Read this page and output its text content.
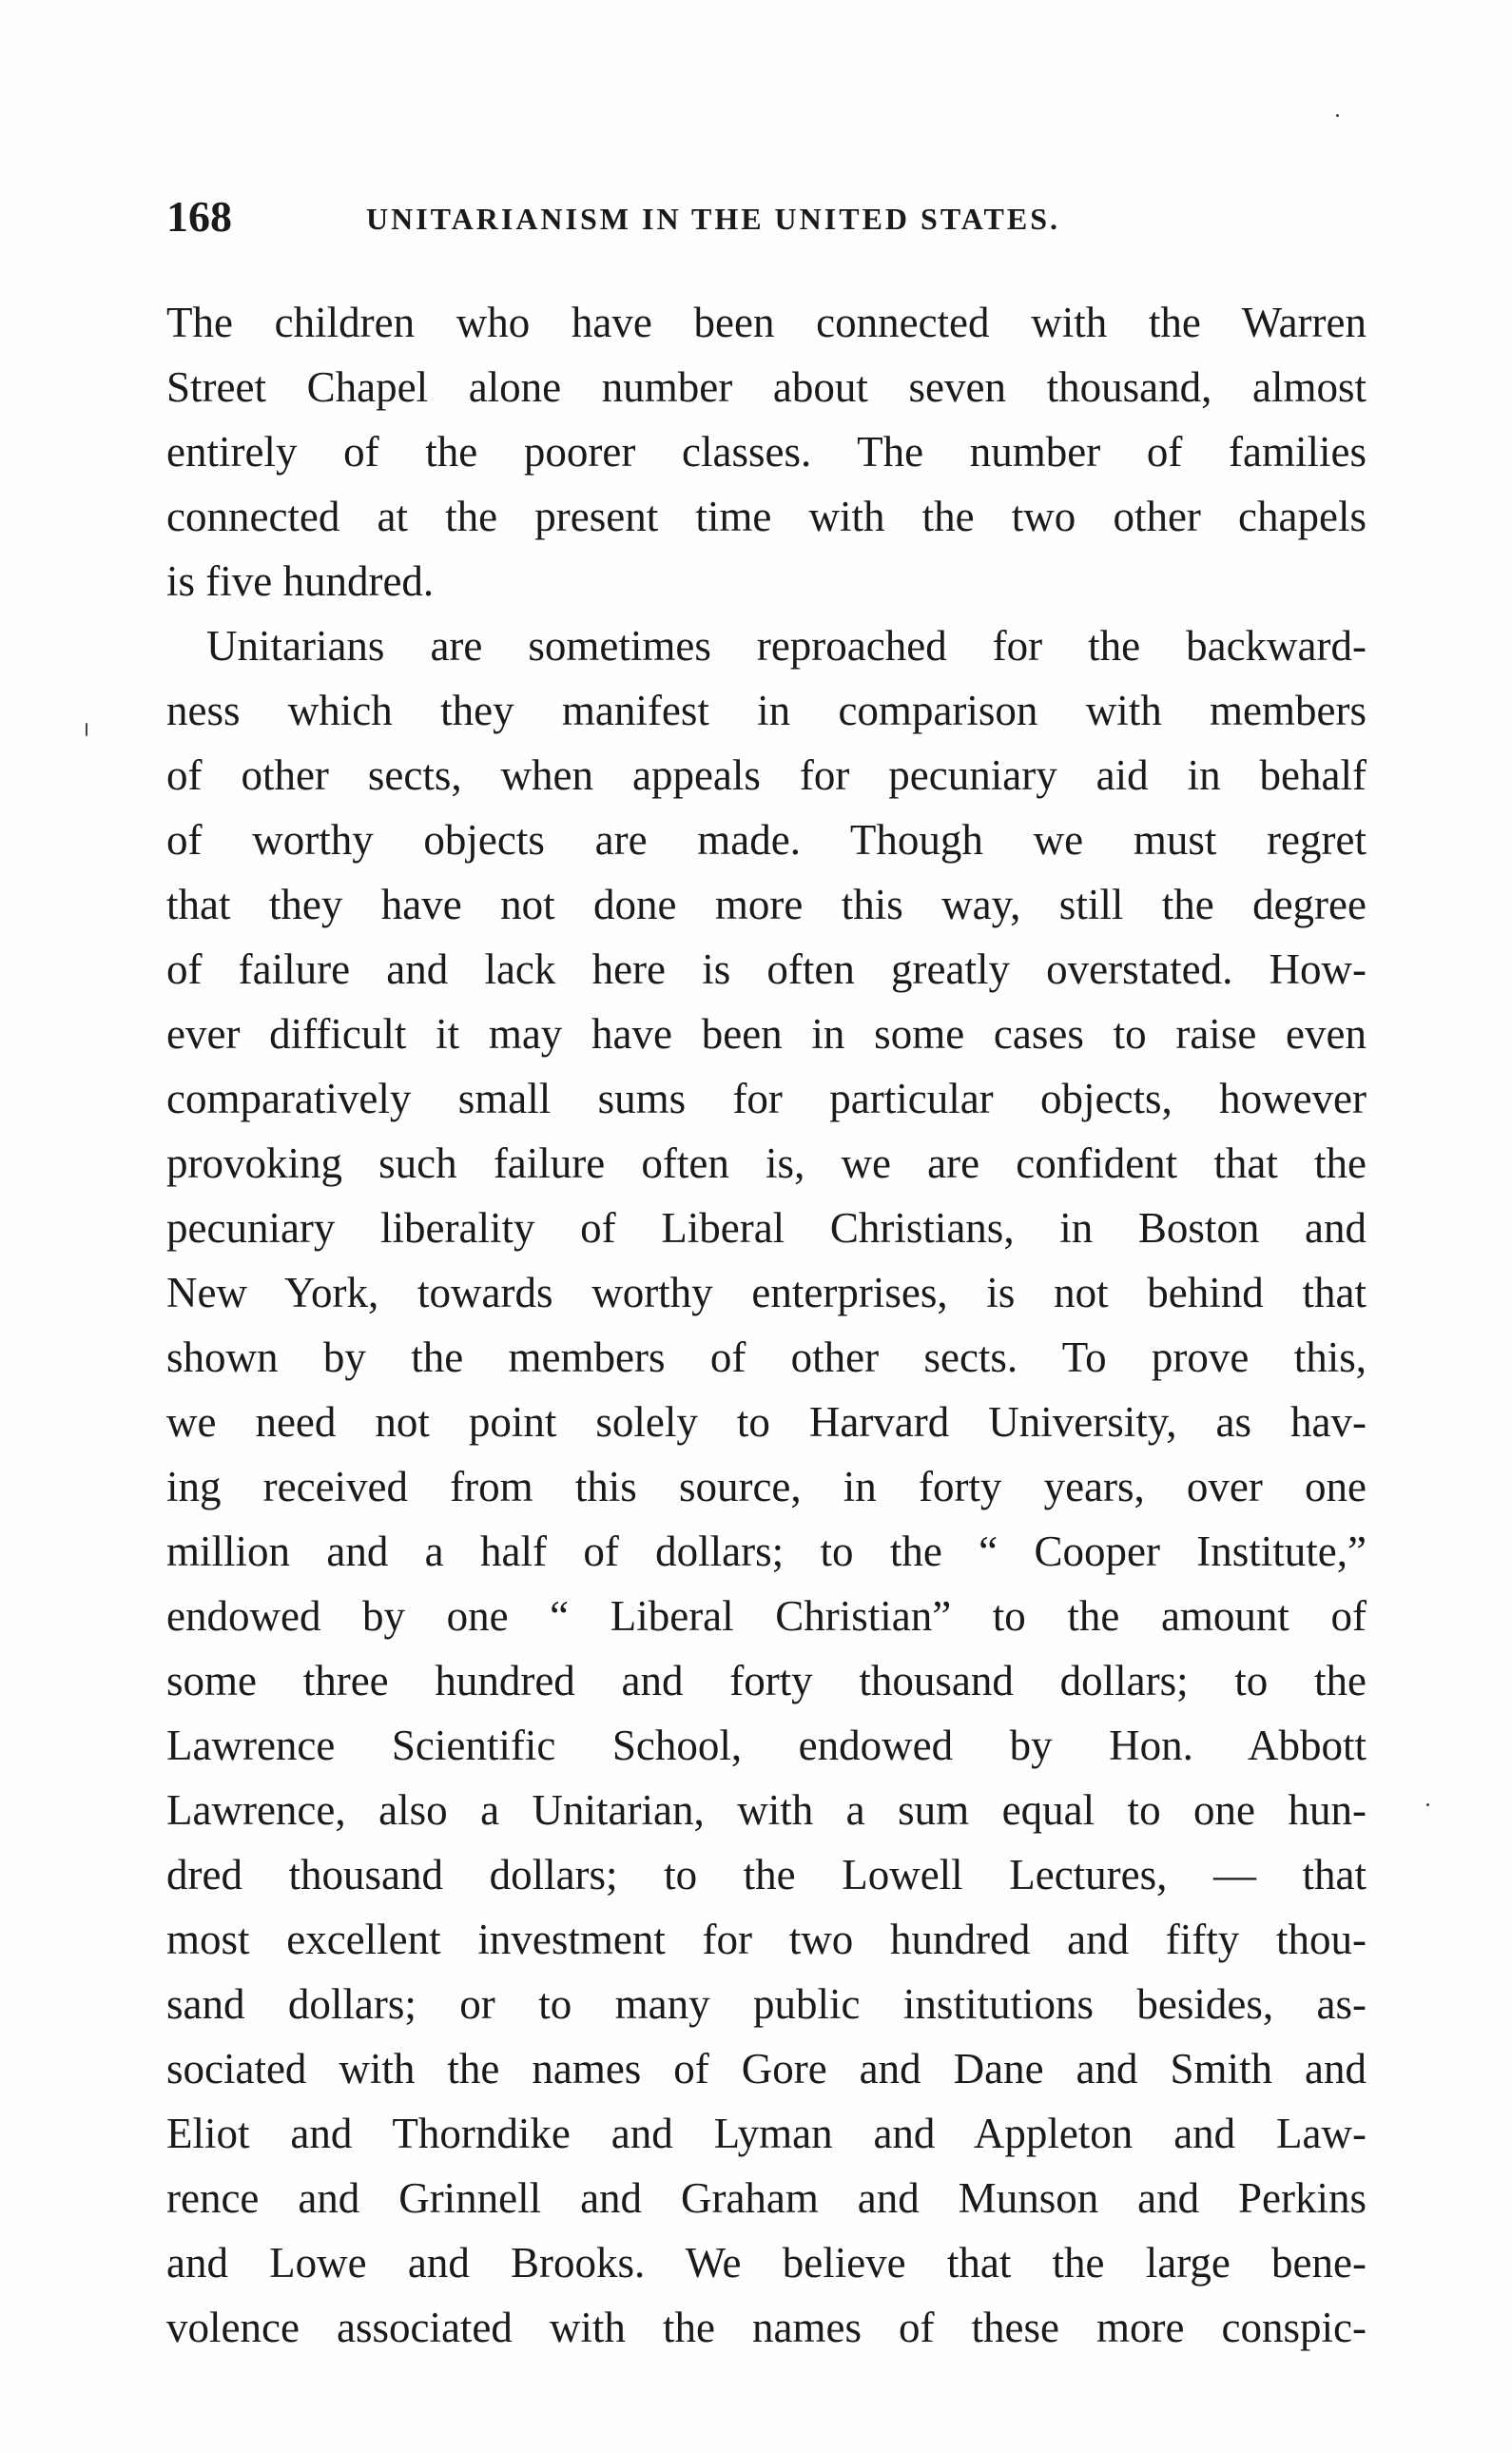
168	UNITARIANISM IN THE UNITED STATES.
The children who have been connected with the Warren
Street Chapel alone number about seven thousand, almost
entirely of the poorer classes. The number of families
connected at the present time with the two other chapels
is five hundred.
Unitarians are sometimes reproached for the backward-
ness which they manifest in comparison with members
of other sects, when appeals for pecuniary aid in behalf
of worthy objects are made. Though we must regret
that they have not done more this way, still the degree
of failure and lack here is often greatly overstated. How-
ever difficult it may have been in some cases to raise even
comparatively small sums for particular objects, however
provoking such failure often is, we are confident that the
pecuniary liberality of Liberal Christians, in Boston and
New York, towards worthy enterprises, is not behind that
shown by the members of other sects. To prove this,
we need not point solely to Harvard University, as hav-
ing received from this source, in forty years, over one
million and a half of dollars; to the “ Cooper Institute,”
endowed by one “ Liberal Christian” to the amount of
some three hundred and forty thousand dollars; to the
Lawrence Scientific School, endowed by Hon. Abbott
Lawrence, also a Unitarian, with a sum equal to one hun-
dred thousand dollars; to the Lowell Lectures, — that
most excellent investment for two hundred and fifty thou-
sand dollars; or to many public institutions besides, as-
sociated with the names of Gore and Dane and Smith and
Eliot and Thorndike and Lyman and Appleton and Law-
rence and Grinnell and Graham and Munson and Perkins
and Lowe and Brooks. We believe that the large bene-
volence associated with the names of these more conspic-
